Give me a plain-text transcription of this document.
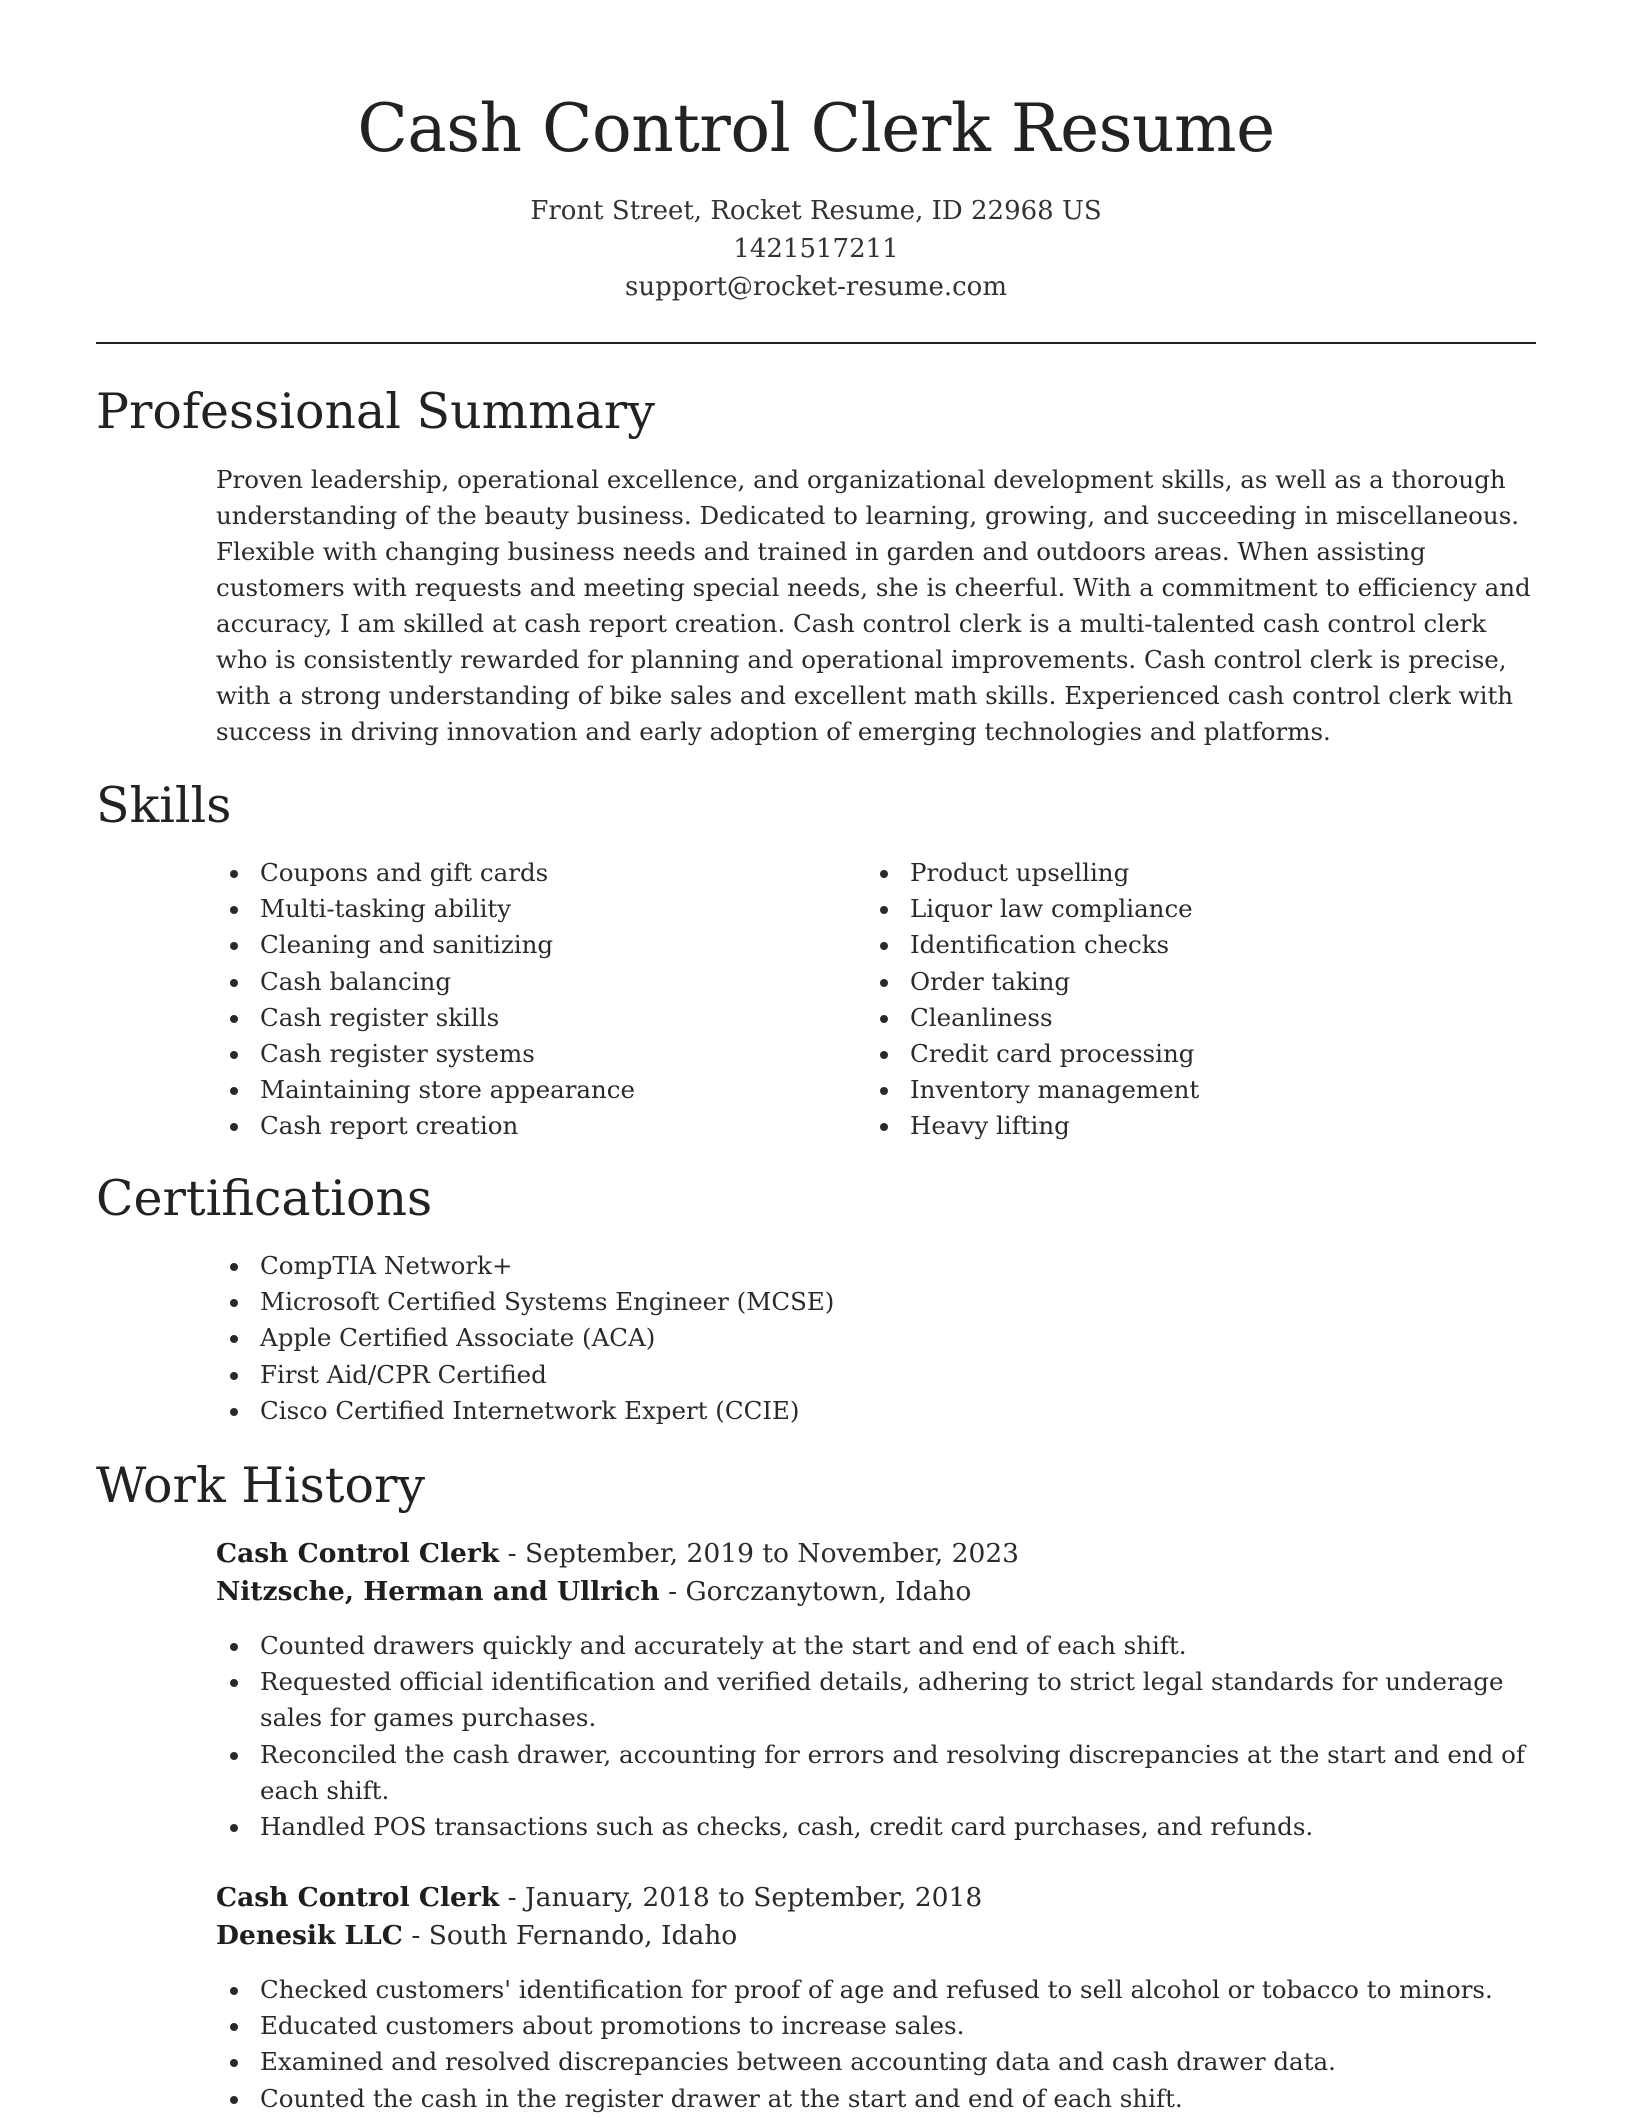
Cash Control Clerk Resume
Front Street, Rocket Resume, ID 22968 US
1421517211
support@rocket-resume.com
Professional Summary

Proven leadership, operational excellence, and organizational development skills, as well as a thorough understanding of the beauty business. Dedicated to learning, growing, and succeeding in miscellaneous. Flexible with changing business needs and trained in garden and outdoors areas. When assisting customers with requests and meeting special needs, she is cheerful. With a commitment to efficiency and accuracy, I am skilled at cash report creation. Cash control clerk is a multi-talented cash control clerk who is consistently rewarded for planning and operational improvements. Cash control clerk is precise, with a strong understanding of bike sales and excellent math skills. Experienced cash control clerk with success in driving innovation and early adoption of emerging technologies and platforms.

Skills
Coupons and gift cards
Multi-tasking ability
Cleaning and sanitizing
Cash balancing
Cash register skills
Cash register systems
Maintaining store appearance
Cash report creation
Product upselling
Liquor law compliance
Identification checks
Order taking
Cleanliness
Credit card processing
Inventory management
Heavy lifting
Certifications
CompTIA Network+
Microsoft Certified Systems Engineer (MCSE)
Apple Certified Associate (ACA)
First Aid/CPR Certified
Cisco Certified Internetwork Expert (CCIE)
Work History
Cash Control Clerk - September, 2019 to November, 2023
Nitzsche, Herman and Ullrich - Gorczanytown, Idaho
Counted drawers quickly and accurately at the start and end of each shift.
Requested official identification and verified details, adhering to strict legal standards for underage sales for games purchases.
Reconciled the cash drawer, accounting for errors and resolving discrepancies at the start and end of each shift.
Handled POS transactions such as checks, cash, credit card purchases, and refunds.
Cash Control Clerk - January, 2018 to September, 2018
Denesik LLC - South Fernando, Idaho
Checked customers' identification for proof of age and refused to sell alcohol or tobacco to minors.
Educated customers about promotions to increase sales.
Examined and resolved discrepancies between accounting data and cash drawer data.
Counted the cash in the register drawer at the start and end of each shift.
